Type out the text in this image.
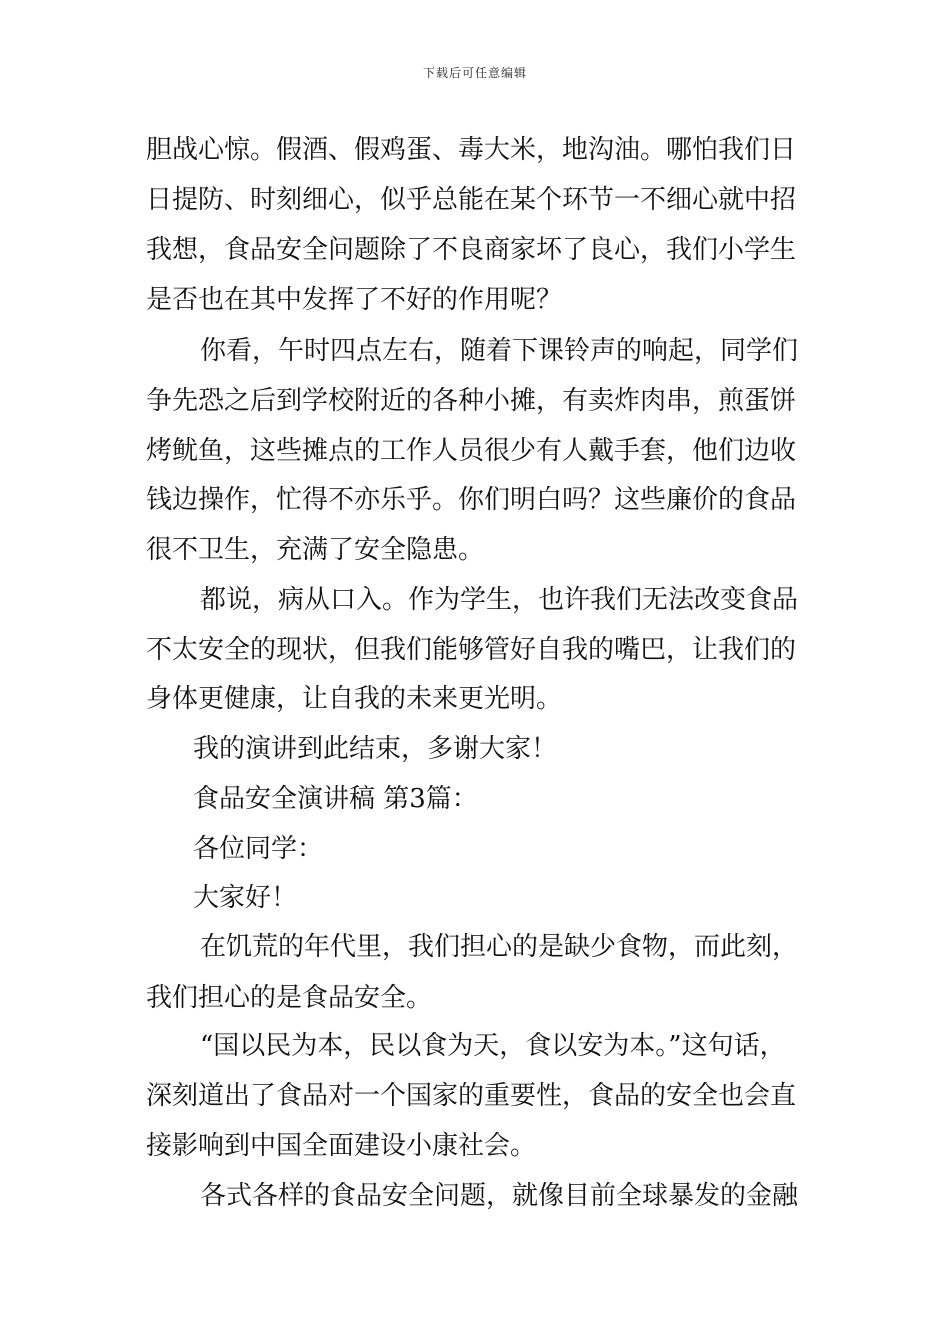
下载后可任意编辑
胆战心惊。假酒、假鸡蛋、毒大米，地沟油。哪怕我们日
日提防、时刻细心，似乎总能在某个环节一不细心就中招
我想，食品安全问题除了不良商家坏了良心，我们小学生
是否也在其中发挥了不好的作用呢？
你看，午时四点左右，随着下课铃声的响起，同学们
争先恐之后到学校附近的各种小摊，有卖炸肉串，煎蛋饼
烤鱿鱼，这些摊点的工作人员很少有人戴手套，他们边收
钱边操作，忙得不亦乐乎。你们明白吗？这些廉价的食品
很不卫生，充满了安全隐患。
都说，病从口入。作为学生，也许我们无法改变食品
不太安全的现状，但我们能够管好自我的嘴巴，让我们的
身体更健康，让自我的未来更光明。
我的演讲到此结束，多谢大家！
食品安全演讲稿 第3篇：
各位同学：
大家好！
在饥荒的年代里，我们担心的是缺少食物，而此刻，
我们担心的是食品安全。
“国以民为本，民以食为天，食以安为本。”这句话，
深刻道出了食品对一个国家的重要性，食品的安全也会直
接影响到中国全面建设小康社会。
各式各样的食品安全问题，就像目前全球暴发的金融
